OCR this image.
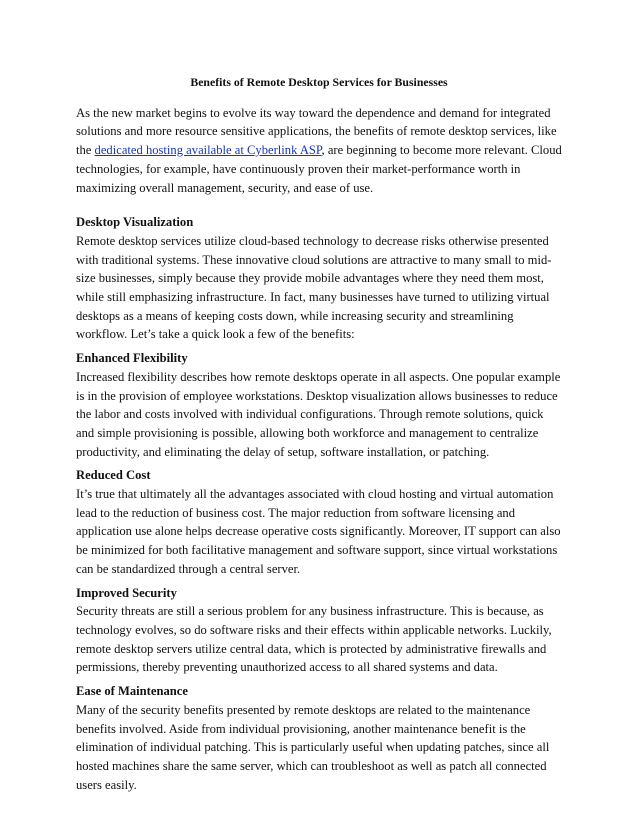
Benefits of Remote Desktop Services for Businesses

As the new market begins to evolve its way toward the dependence and demand for integrated solutions and more resource sensitive applications, the benefits of remote desktop services, like the dedicated hosting available at Cyberlink ASP, are beginning to become more relevant. Cloud technologies, for example, have continuously proven their market-performance worth in maximizing overall management, security, and ease of use.

Desktop Visualization

Remote desktop services utilize cloud-based technology to decrease risks otherwise presented with traditional systems. These innovative cloud solutions are attractive to many small to mid-size businesses, simply because they provide mobile advantages where they need them most, while still emphasizing infrastructure. In fact, many businesses have turned to utilizing virtual desktops as a means of keeping costs down, while increasing security and streamlining workflow. Let’s take a quick look a few of the benefits:

Enhanced Flexibility

Increased flexibility describes how remote desktops operate in all aspects. One popular example is in the provision of employee workstations. Desktop visualization allows businesses to reduce the labor and costs involved with individual configurations. Through remote solutions, quick and simple provisioning is possible, allowing both workforce and management to centralize productivity, and eliminating the delay of setup, software installation, or patching.

Reduced Cost

It’s true that ultimately all the advantages associated with cloud hosting and virtual automation lead to the reduction of business cost. The major reduction from software licensing and application use alone helps decrease operative costs significantly. Moreover, IT support can also be minimized for both facilitative management and software support, since virtual workstations can be standardized through a central server.

Improved Security

Security threats are still a serious problem for any business infrastructure. This is because, as technology evolves, so do software risks and their effects within applicable networks. Luckily, remote desktop servers utilize central data, which is protected by administrative firewalls and permissions, thereby preventing unauthorized access to all shared systems and data.

Ease of Maintenance

Many of the security benefits presented by remote desktops are related to the maintenance benefits involved. Aside from individual provisioning, another maintenance benefit is the elimination of individual patching. This is particularly useful when updating patches, since all hosted machines share the same server, which can troubleshoot as well as patch all connected users easily.
